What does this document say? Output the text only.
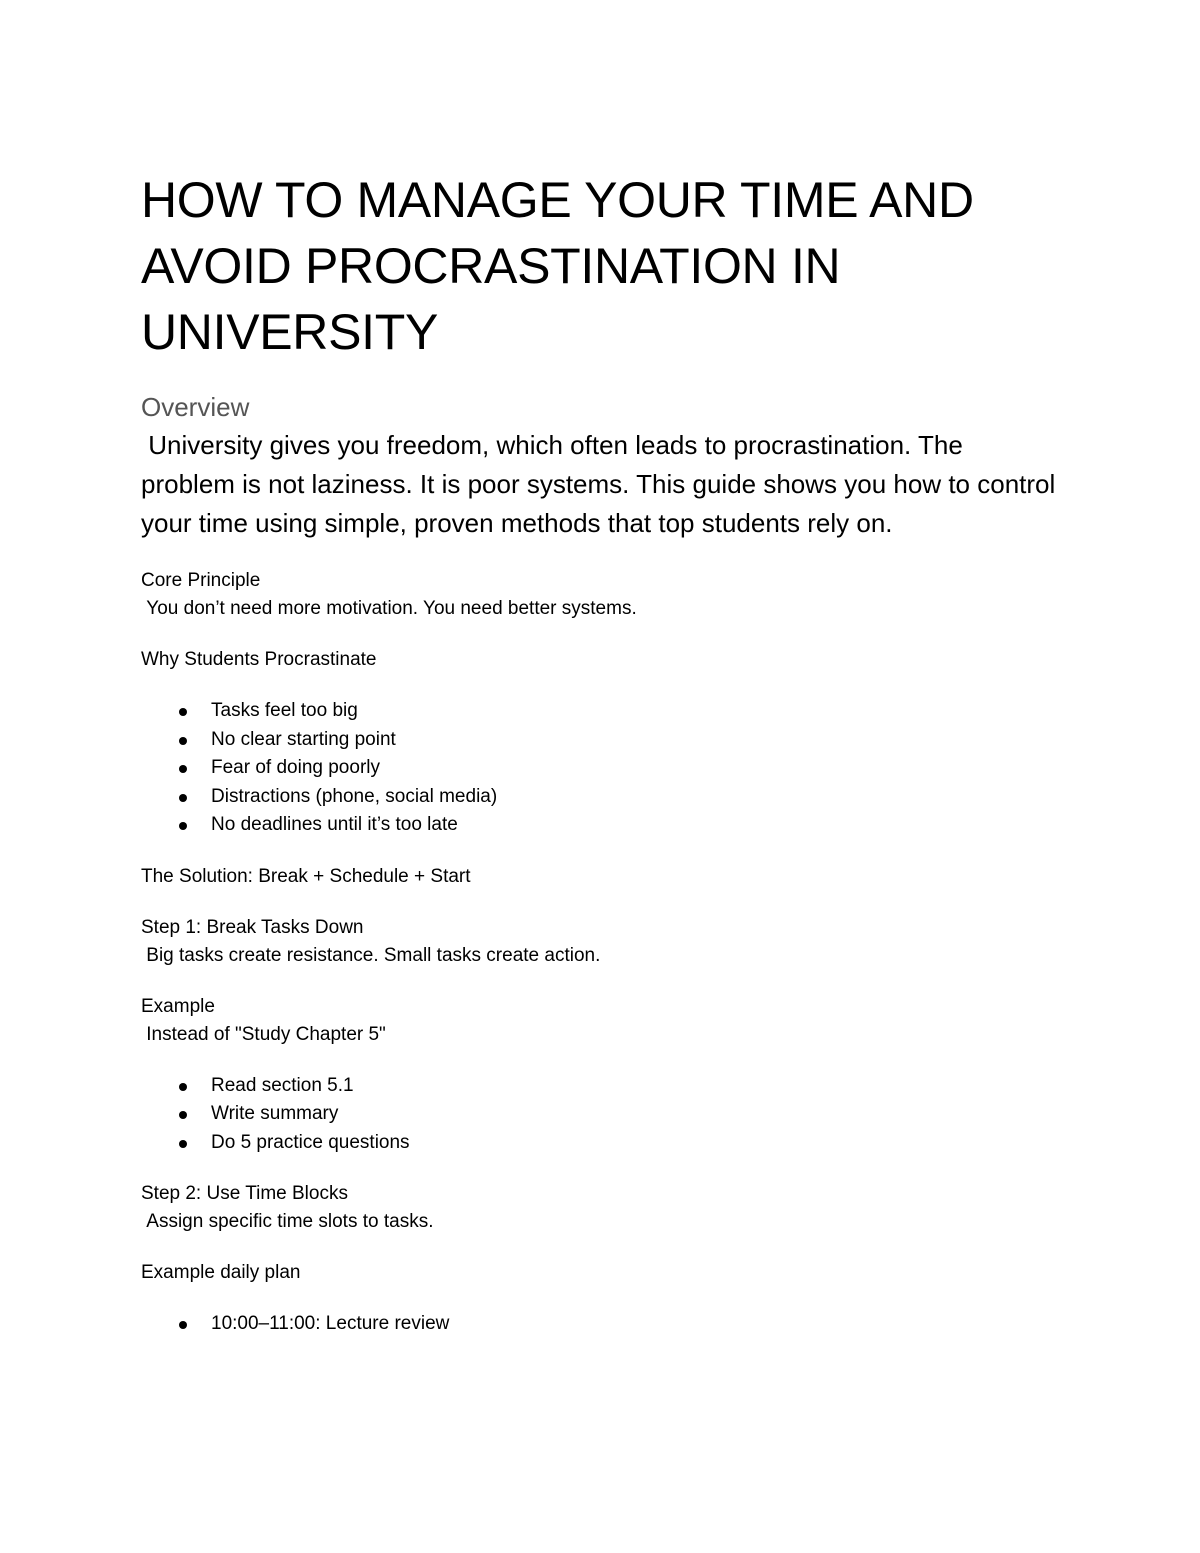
HOW TO MANAGE YOUR TIME AND AVOID PROCRASTINATION IN UNIVERSITY
Overview
University gives you freedom, which often leads to procrastination. The problem is not laziness. It is poor systems. This guide shows you how to control your time using simple, proven methods that top students rely on.
Core Principle
You don’t need more motivation. You need better systems.
Why Students Procrastinate
Tasks feel too big
No clear starting point
Fear of doing poorly
Distractions (phone, social media)
No deadlines until it’s too late
The Solution: Break + Schedule + Start
Step 1: Break Tasks Down
Big tasks create resistance. Small tasks create action.
Example
Instead of "Study Chapter 5"
Read section 5.1
Write summary
Do 5 practice questions
Step 2: Use Time Blocks
Assign specific time slots to tasks.
Example daily plan
10:00–11:00: Lecture review
